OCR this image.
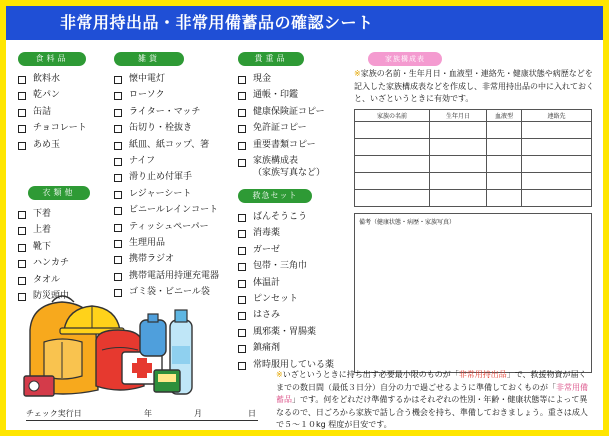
非常用持出品・非常用備蓄品の確認シート
食料品
飲料水
乾パン
缶詰
チョコレート
あめ玉
衣類他
下着
上着
靴下
ハンカチ
タオル
防災頭巾
雑貨
懐中電灯
ローソク
ライター・マッチ
缶切り・栓抜き
紙皿、紙コップ、箸
ナイフ
滑り止め付軍手
レジャーシート
ビニールレインコート
ティッシュペーパー
生理用品
携帯ラジオ
携帯電話用持運充電器
ゴミ袋・ビニール袋
貴重品
現金
通帳・印鑑
健康保険証コピー
免許証コピー
重要書類コピー
家族構成表
（家族写真など）
救急セット
ばんそうこう
消毒薬
ガーゼ
包帯・三角巾
体温計
ピンセット
はさみ
風邪薬・胃腸薬
鎮痛剤
常時服用している薬
家族構成表
※家族の名前・生年月日・血液型・連絡先・健康状態や病歴などを記入した家族構成表などを作成し、非常用持出品の中に入れておくと、いざというときに有効です。
家族の名前	生年月日	血液型	連絡先

備考（健康状態・病歴・家族写真）
※いざというときに持ち出す必要最小限のものが「非常用持出品」で、救援物資が届くまでの数日間（最低３日分）自分の力で過ごせるように準備しておくものが「非常用備蓄品」です。何をどれだけ準備するかはそれぞれの性別・年齢・健康状態等によって異なるので、日ごろから家族で話し合う機会を持ち、準備しておきましょう。重さは成人で５～１０kg 程度が目安です。
チェック実行日	年	月	日
